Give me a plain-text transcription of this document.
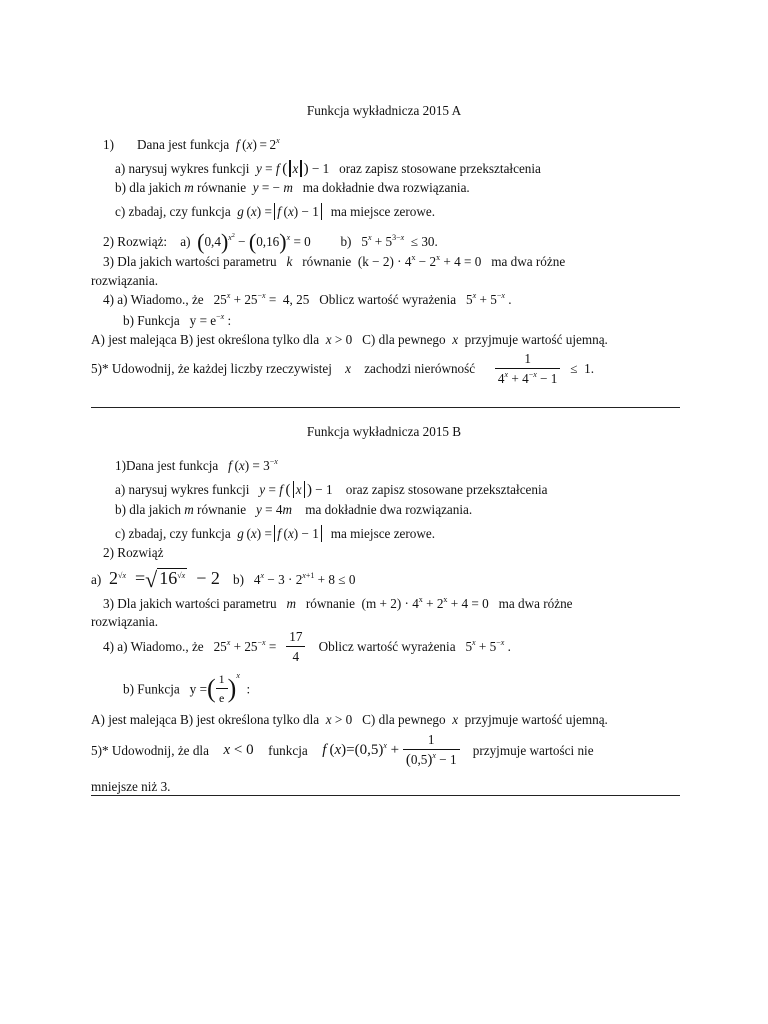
Funkcja wykładnicza 2015 A
1) Dana jest funkcja f $(x) = 2^x$
a) narysuj wykres funkcji y = f  ( x ) − 1   oraz zapisz stosowane przekształcenia
b) dla jakich m równanie y = − m ma dokładnie dwa rozwiązania.
c) zbadaj, czy funkcja g (x) = f (x) − 1 ma miejsce zerowe.
2) Rozwiąż: a) $(0,4)^{x^2} - (0,16)^x = 0$ b)   $5^x + 5^{3-x} \le 30$.
3) Dla jakich wartości parametru k równanie  $(k - 2) \cdot 4^x - 2^x + 4 = 0$   ma dwa różne
rozwiązania.
4) a) Wiadomo., że   $25^x + 25^{-x} = 4$, 25   Oblicz wartość wyrażenia   $5^x + 5^{-x}$ .
b) Funkcja   $y = e^{-x}$ :
A) jest malejąca B) jest określona tylko dla x > 0   C) dla pewnego  x  przyjmuje wartość ujemną.
5)* Udowodnij, że każdej liczby rzeczywistej x zachodzi nierówność $\frac{1}{4^x + 4^{-x} - 1} \le 1$.
Funkcja wykładnicza 2015 B
1)Dana jest funkcja f $(x) = 3^{-x}$
a) narysuj wykres funkcji y = f  ( x ) − 1    oraz zapisz stosowane przekształcenia
b) dla jakich m równanie y = 4m ma dokładnie dwa rozwiązania.
c) zbadaj, czy funkcja g (x) = f (x) − 1 ma miejsce zerowe.
2) Rozwiąż
a)  $2^{√x}$  =√ $16^{√x} - 2$ b)   $4^x - 3 \cdot 2^{x+1} + 8 \le 0$
3) Dla jakich wartości parametru m równanie  $(m + 2) \cdot 4^x + 2^x + 4 = 0$   ma dwa różne
rozwiązania.
4) a) Wiadomo., że   $25^x + 25^{-x} = \frac{17}{4}$ Oblicz wartość wyrażenia   $5^x + 5^{-x}$ .
b) Funkcja   y =( $\frac{1}{e} )^x$  :
A) jest malejąca B) jest określona tylko dla x > 0   C) dla pewnego  x  przyjmuje wartość ujemną.
5)* Udowodnij, że dla x < 0    funkcja f  $(x)=(0,5)^x + \frac{1}{(0,5)^x - 1}$ przyjmuje wartości nie
mniejsze niż 3.
